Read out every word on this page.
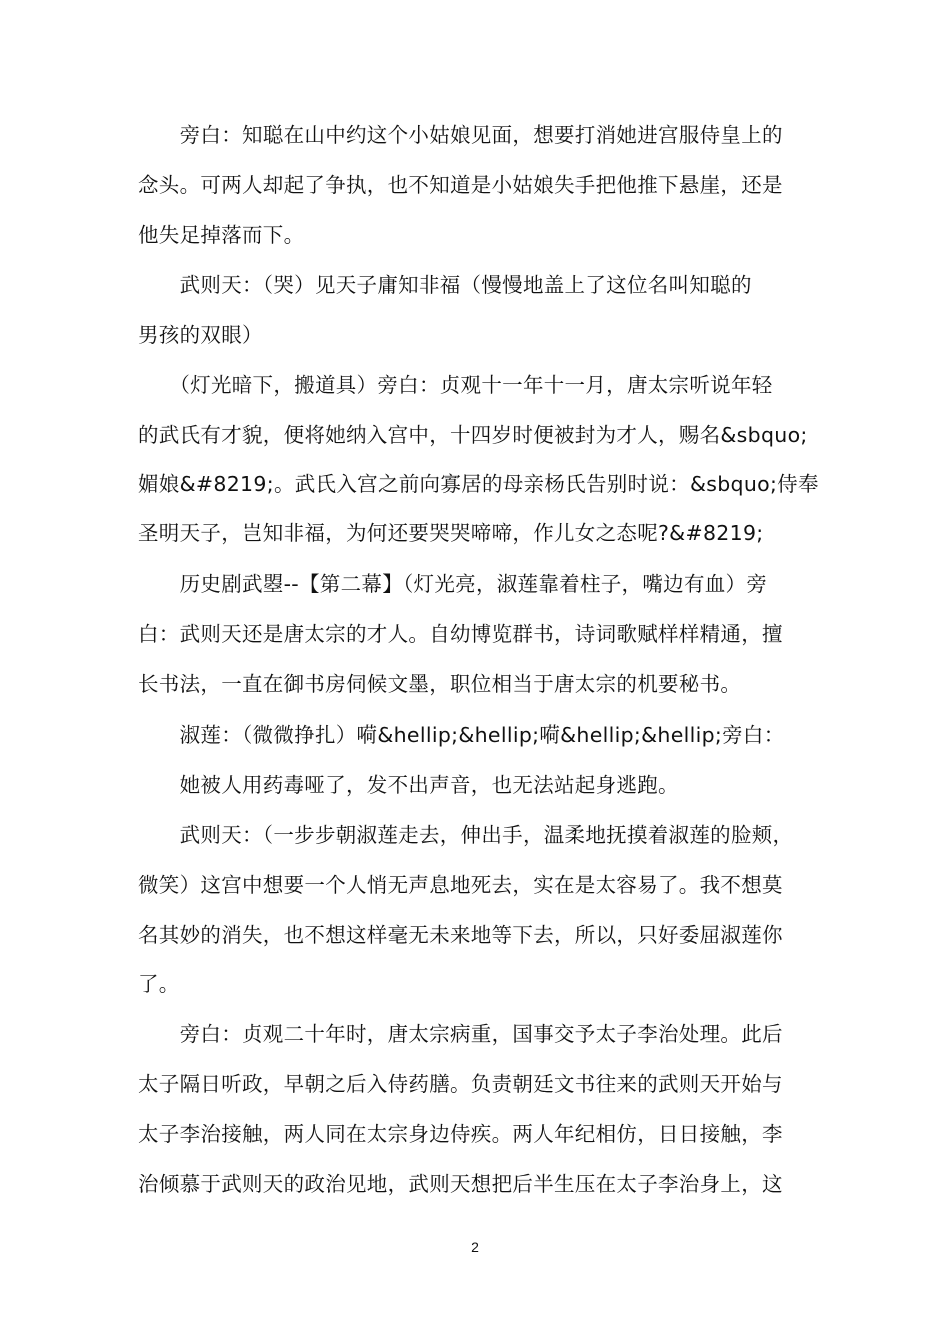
　　旁白：知聪在山中约这个小姑娘见面，想要打消她进宫服侍皇上的
念头。可两人却起了争执，也不知道是小姑娘失手把他推下悬崖，还是
他失足掉落而下。
　　武则天：（哭）见天子庸知非福（慢慢地盖上了这位名叫知聪的
男孩的双眼）
　　（灯光暗下，搬道具）旁白：贞观十一年十一月，唐太宗听说年轻
的武氏有才貌，便将她纳入宫中，十四岁时便被封为才人，赐名&sbquo;
媚娘&#8219;。武氏入宫之前向寡居的母亲杨氏告别时说：&sbquo;侍奉
圣明天子，岂知非福，为何还要哭哭啼啼，作儿女之态呢?&#8219;
　　历史剧武曌--【第二幕】（灯光亮，淑莲靠着柱子，嘴边有血）旁
白：武则天还是唐太宗的才人。自幼博览群书，诗词歌赋样样精通，擅
长书法，一直在御书房伺候文墨，职位相当于唐太宗的机要秘书。
　　淑莲：（微微挣扎）嗬&hellip;&hellip;嗬&hellip;&hellip;旁白：
　　她被人用药毒哑了，发不出声音，也无法站起身逃跑。
　　武则天：（一步步朝淑莲走去，伸出手，温柔地抚摸着淑莲的脸颊，
微笑）这宫中想要一个人悄无声息地死去，实在是太容易了。我不想莫
名其妙的消失，也不想这样毫无未来地等下去，所以，只好委屈淑莲你
了。
　　旁白：贞观二十年时，唐太宗病重，国事交予太子李治处理。此后
太子隔日听政，早朝之后入侍药膳。负责朝廷文书往来的武则天开始与
太子李治接触，两人同在太宗身边侍疾。两人年纪相仿，日日接触，李
治倾慕于武则天的政治见地，武则天想把后半生压在太子李治身上，这
2
